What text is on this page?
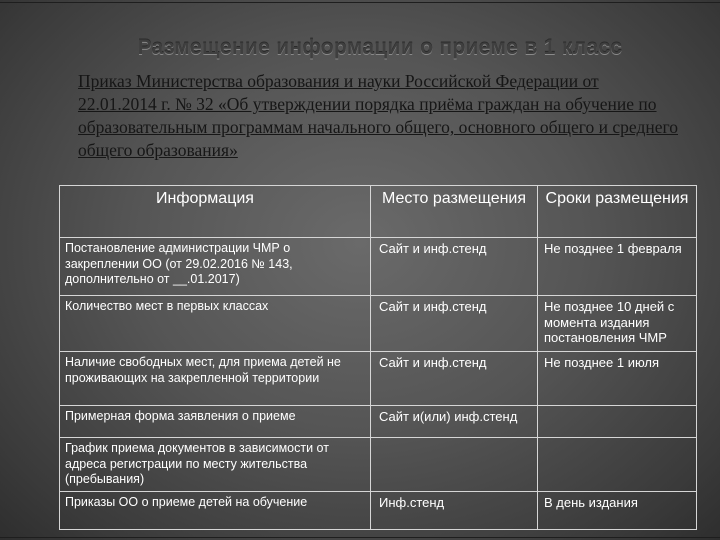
Размещение информации о приеме в 1 класс
Приказ Министерства образования и науки Российской Федерации от 22.01.2014 г. № 32 «Об утверждении порядка приёма граждан на обучение по образовательным программам начального общего, основного общего и среднего общего образования»
Информация	Место размещения	Сроки размещения
Постановление администрации ЧМР о закреплении ОО (от 29.02.2016 № 143, дополнительно от __.01.2017)	Сайт и инф.стенд	Не позднее 1 февраля
Количество мест в первых классах	Сайт и инф.стенд	Не позднее 10 дней с момента издания постановления ЧМР
Наличие свободных мест, для приема детей не проживающих на закрепленной территории	Сайт и инф.стенд	Не позднее 1 июля
Примерная форма заявления о приеме	Сайт и(или) инф.стенд	
График приема документов в зависимости от адреса регистрации по месту жительства (пребывания)		
Приказы ОО о приеме детей на обучение	Инф.стенд	В день издания
